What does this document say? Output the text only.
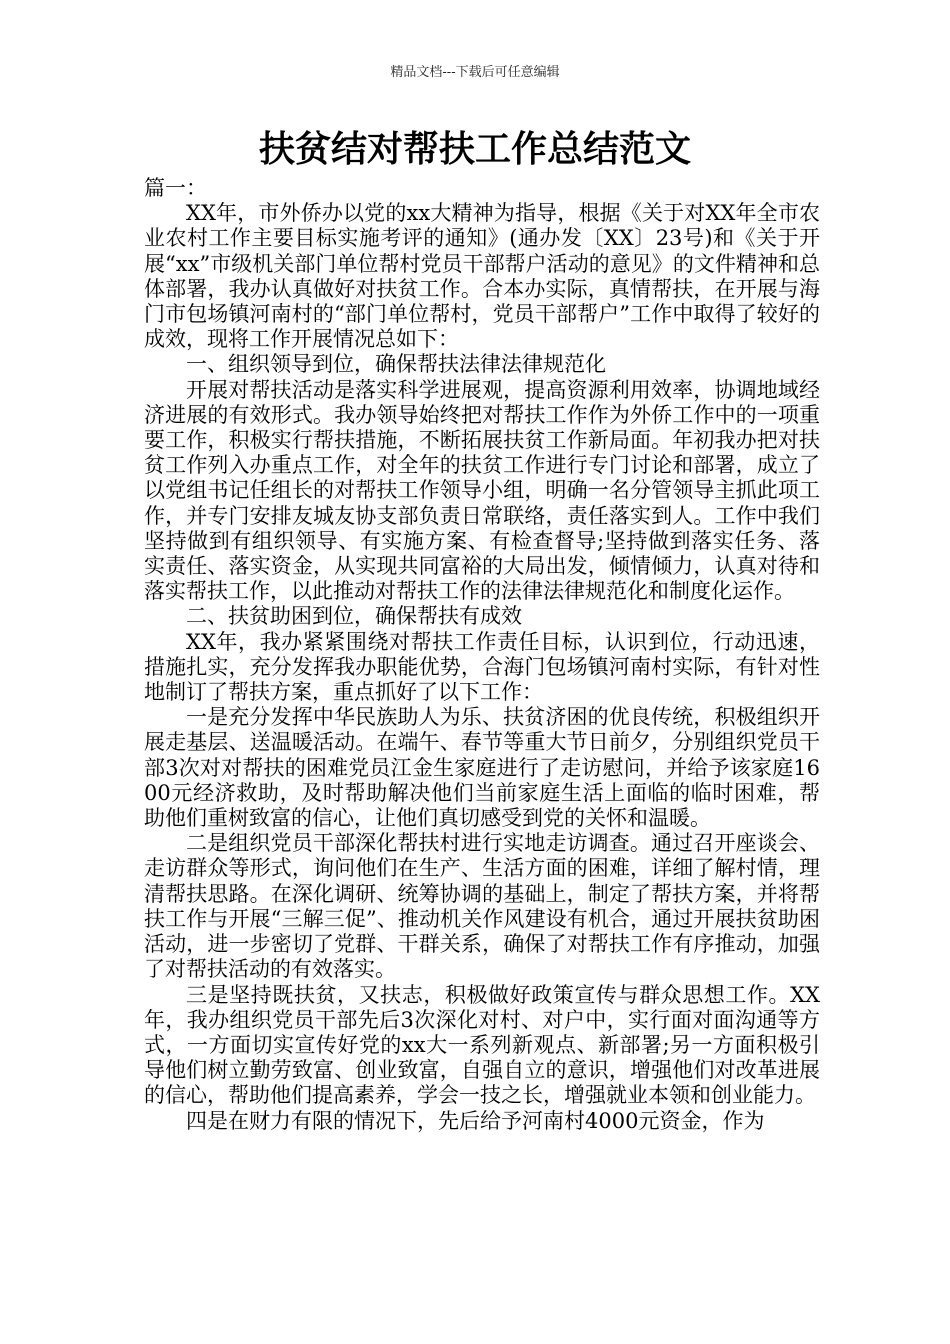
精品文档---下载后可任意编辑
扶贫结对帮扶工作总结范文

篇一：

XX年，市外侨办以党的xx大精神为指导，根据《关于对XX年全市农业农村工作主要目标实施考评的通知》(通办发〔XX〕23号)和《关于开展“xx”市级机关部门单位帮村党员干部帮户活动的意见》的文件精神和总体部署，我办认真做好对扶贫工作。合本办实际，真情帮扶，在开展与海门市包场镇河南村的“部门单位帮村，党员干部帮户”工作中取得了较好的成效，现将工作开展情况总如下：

一、组织领导到位，确保帮扶法律法律规范化

开展对帮扶活动是落实科学进展观，提高资源利用效率，协调地域经济进展的有效形式。我办领导始终把对帮扶工作作为外侨工作中的一项重要工作，积极实行帮扶措施，不断拓展扶贫工作新局面。年初我办把对扶贫工作列入办重点工作，对全年的扶贫工作进行专门讨论和部署，成立了以党组书记任组长的对帮扶工作领导小组，明确一名分管领导主抓此项工作，并专门安排友城友协支部负责日常联络，责任落实到人。工作中我们坚持做到有组织领导、有实施方案、有检查督导;坚持做到落实任务、落实责任、落实资金，从实现共同富裕的大局出发，倾情倾力，认真对待和落实帮扶工作，以此推动对帮扶工作的法律法律规范化和制度化运作。

二、扶贫助困到位，确保帮扶有成效

XX年，我办紧紧围绕对帮扶工作责任目标，认识到位，行动迅速，措施扎实，充分发挥我办职能优势，合海门包场镇河南村实际，有针对性地制订了帮扶方案，重点抓好了以下工作：

一是充分发挥中华民族助人为乐、扶贫济困的优良传统，积极组织开展走基层、送温暖活动。在端午、春节等重大节日前夕，分别组织党员干部3次对对帮扶的困难党员江金生家庭进行了走访慰问，并给予该家庭1600元经济救助，及时帮助解决他们当前家庭生活上面临的临时困难，帮助他们重树致富的信心，让他们真切感受到党的关怀和温暖。

二是组织党员干部深化帮扶村进行实地走访调查。通过召开座谈会、走访群众等形式，询问他们在生产、生活方面的困难，详细了解村情，理清帮扶思路。在深化调研、统筹协调的基础上，制定了帮扶方案，并将帮扶工作与开展“三解三促”、推动机关作风建设有机合，通过开展扶贫助困活动，进一步密切了党群、干群关系，确保了对帮扶工作有序推动，加强了对帮扶活动的有效落实。

三是坚持既扶贫，又扶志，积极做好政策宣传与群众思想工作。XX年，我办组织党员干部先后3次深化对村、对户中，实行面对面沟通等方式，一方面切实宣传好党的xx大一系列新观点、新部署;另一方面积极引导他们树立勤劳致富、创业致富，自强自立的意识，增强他们对改革进展的信心，帮助他们提高素养，学会一技之长，增强就业本领和创业能力。

四是在财力有限的情况下，先后给予河南村4000元资金，作为
